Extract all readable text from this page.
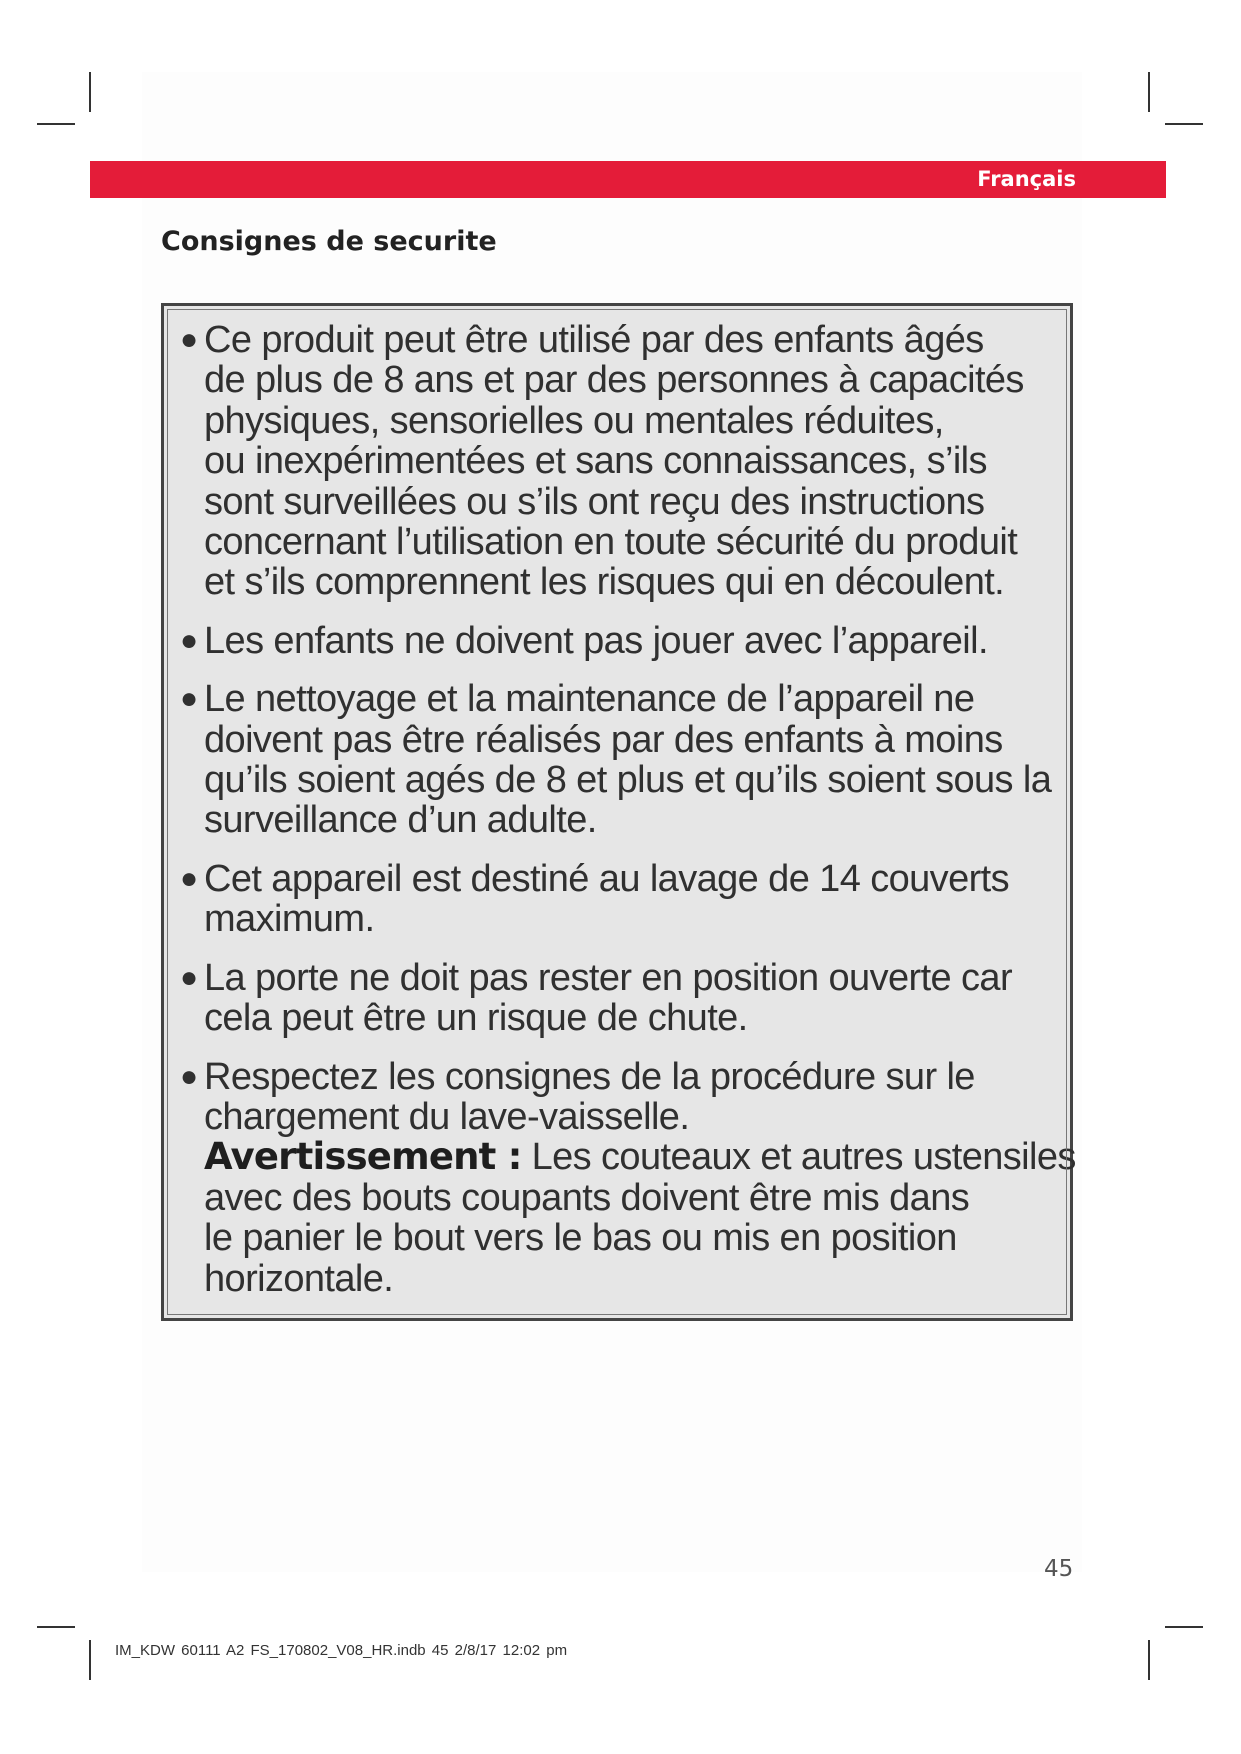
Français
Consignes de securite
● Ce produit peut être utilisé par des enfants âgés
de plus de 8 ans et par des personnes à capacités
physiques, sensorielles ou mentales réduites,
ou inexpérimentées et sans connaissances, s’ils
sont surveillées ou s’ils ont reçu des instructions
concernant l’utilisation en toute sécurité du produit
et s’ils comprennent les risques qui en découlent.
● Les enfants ne doivent pas jouer avec l’appareil.
● Le nettoyage et la maintenance de l’appareil ne
doivent pas être réalisés par des enfants à moins
qu’ils soient agés de 8 et plus et qu’ils soient sous la
surveillance d’un adulte.
● Cet appareil est destiné au lavage de 14 couverts
maximum.
● La porte ne doit pas rester en position ouverte car
cela peut être un risque de chute.
● Respectez les consignes de la procédure sur le
chargement du lave-vaisselle.
Avertissement : Les couteaux et autres ustensiles
avec des bouts coupants doivent être mis dans
le panier le bout vers le bas ou mis en position
horizontale.
45
IM_KDW 60111 A2 FS_170802_V08_HR.indb 45 2/8/17 12:02 pm
